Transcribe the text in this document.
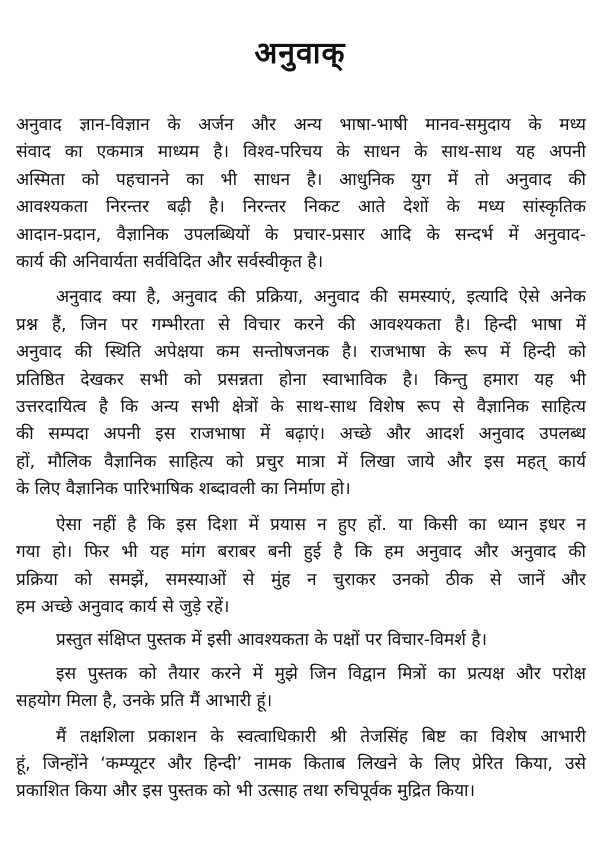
अनुवाक्

अनुवाद ज्ञान-विज्ञान के अर्जन और अन्य भाषा-भाषी मानव-समुदाय के मध्य
संवाद का एकमात्र माध्यम है। विश्व-परिचय के साधन के साथ-साथ यह अपनी
अस्मिता को पहचानने का भी साधन है। आधुनिक युग में तो अनुवाद की
आवश्यकता निरन्तर बढ़ी है। निरन्तर निकट आते देशों के मध्य सांस्कृतिक
आदान-प्रदान, वैज्ञानिक उपलब्धियों के प्रचार-प्रसार आदि के सन्दर्भ में अनुवाद-
कार्य की अनिवार्यता सर्वविदित और सर्वस्वीकृत है।

अनुवाद क्या है, अनुवाद की प्रक्रिया, अनुवाद की समस्याएं, इत्यादि ऐसे अनेक
प्रश्न हैं, जिन पर गम्भीरता से विचार करने की आवश्यकता है। हिन्दी भाषा में
अनुवाद की स्थिति अपेक्षया कम सन्तोषजनक है। राजभाषा के रूप में हिन्दी को
प्रतिष्ठित देखकर सभी को प्रसन्नता होना स्वाभाविक है। किन्तु हमारा यह भी
उत्तरदायित्व है कि अन्य सभी क्षेत्रों के साथ-साथ विशेष रूप से वैज्ञानिक साहित्य
की सम्पदा अपनी इस राजभाषा में बढ़ाएं। अच्छे और आदर्श अनुवाद उपलब्ध
हों, मौलिक वैज्ञानिक साहित्य को प्रचुर मात्रा में लिखा जाये और इस महत् कार्य
के लिए वैज्ञानिक पारिभाषिक शब्दावली का निर्माण हो।

ऐसा नहीं है कि इस दिशा में प्रयास न हुए हों. या किसी का ध्यान इधर न
गया हो। फिर भी यह मांग बराबर बनी हुई है कि हम अनुवाद और अनुवाद की
प्रक्रिया को समझें, समस्याओं से मुंह न चुराकर उनको ठीक से जानें और
हम अच्छे अनुवाद कार्य से जुड़े रहें।

प्रस्तुत संक्षिप्त पुस्तक में इसी आवश्यकता के पक्षों पर विचार-विमर्श है।

इस पुस्तक को तैयार करने में मुझे जिन विद्वान मित्रों का प्रत्यक्ष और परोक्ष
सहयोग मिला है, उनके प्रति मैं आभारी हूं।

मैं तक्षशिला प्रकाशन के स्वत्वाधिकारी श्री तेजसिंह बिष्ट का विशेष आभारी
हूं, जिन्होंने ‘कम्प्यूटर और हिन्दी’ नामक किताब लिखने के लिए प्रेरित किया, उसे
प्रकाशित किया और इस पुस्तक को भी उत्साह तथा रुचिपूर्वक मुद्रित किया।
